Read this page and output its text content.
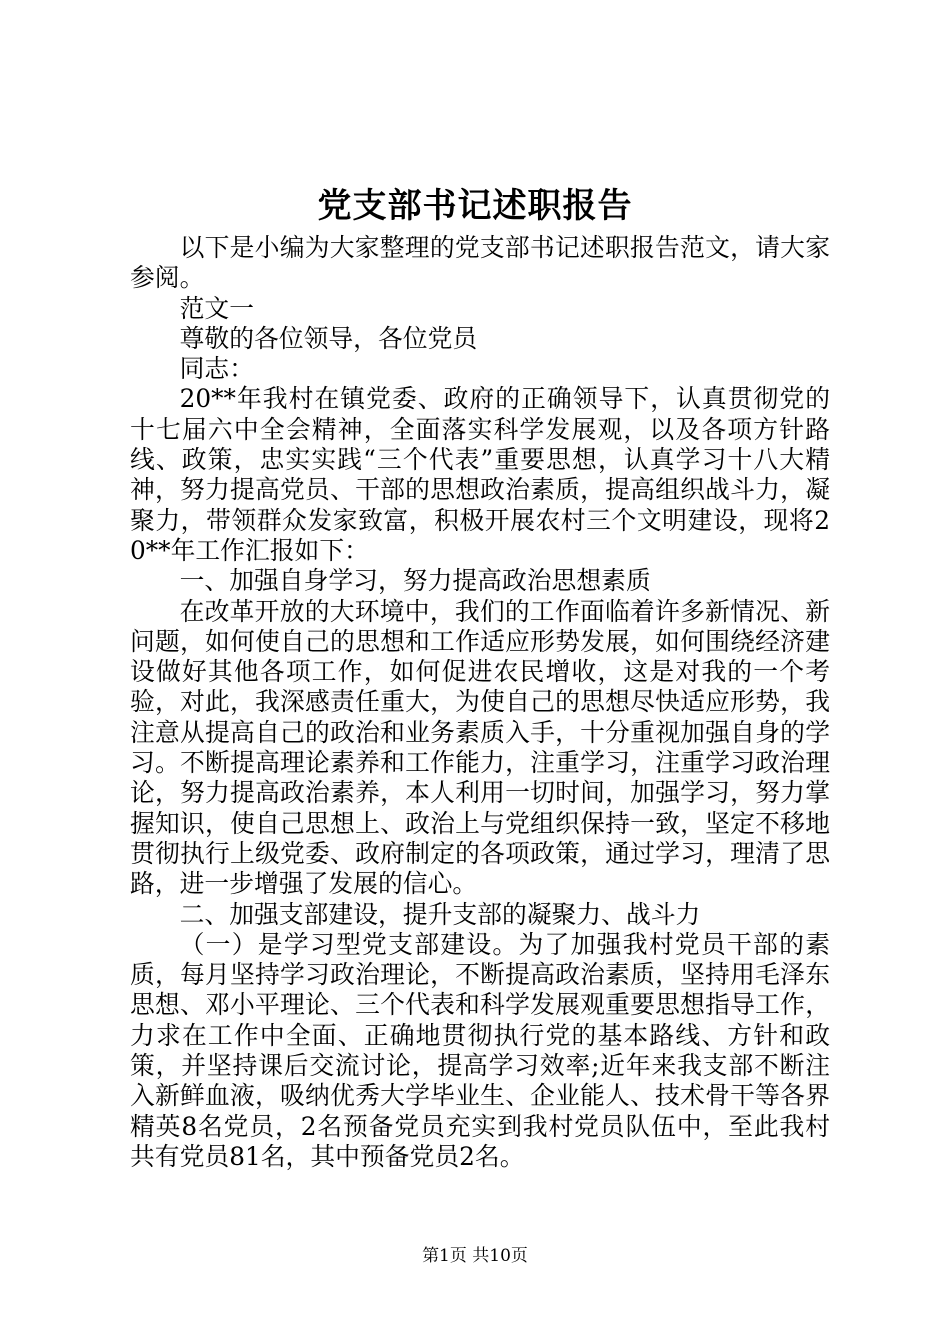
党支部书记述职报告

以下是小编为大家整理的党支部书记述职报告范文，请大家参阅。

范文一

尊敬的各位领导，各位党员

同志：

20**年我村在镇党委、政府的正确领导下，认真贯彻党的十七届六中全会精神，全面落实科学发展观，以及各项方针路线、政策，忠实实践“三个代表”重要思想，认真学习十八大精神，努力提高党员、干部的思想政治素质，提高组织战斗力，凝聚力，带领群众发家致富，积极开展农村三个文明建设，现将20**年工作汇报如下：

一、加强自身学习，努力提高政治思想素质

在改革开放的大环境中，我们的工作面临着许多新情况、新问题，如何使自己的思想和工作适应形势发展，如何围绕经济建设做好其他各项工作，如何促进农民增收，这是对我的一个考验，对此，我深感责任重大，为使自己的思想尽快适应形势，我注意从提高自己的政治和业务素质入手，十分重视加强自身的学习。不断提高理论素养和工作能力，注重学习，注重学习政治理论，努力提高政治素养，本人利用一切时间，加强学习，努力掌握知识，使自己思想上、政治上与党组织保持一致，坚定不移地贯彻执行上级党委、政府制定的各项政策，通过学习，理清了思路，进一步增强了发展的信心。

二、加强支部建设，提升支部的凝聚力、战斗力

（一）是学习型党支部建设。为了加强我村党员干部的素质，每月坚持学习政治理论，不断提高政治素质，坚持用毛泽东思想、邓小平理论、三个代表和科学发展观重要思想指导工作，力求在工作中全面、正确地贯彻执行党的基本路线、方针和政策，并坚持课后交流讨论，提高学习效率;近年来我支部不断注入新鲜血液，吸纳优秀大学毕业生、企业能人、技术骨干等各界精英8名党员，2名预备党员充实到我村党员队伍中，至此我村共有党员81名，其中预备党员2名。

第1页 共10页
